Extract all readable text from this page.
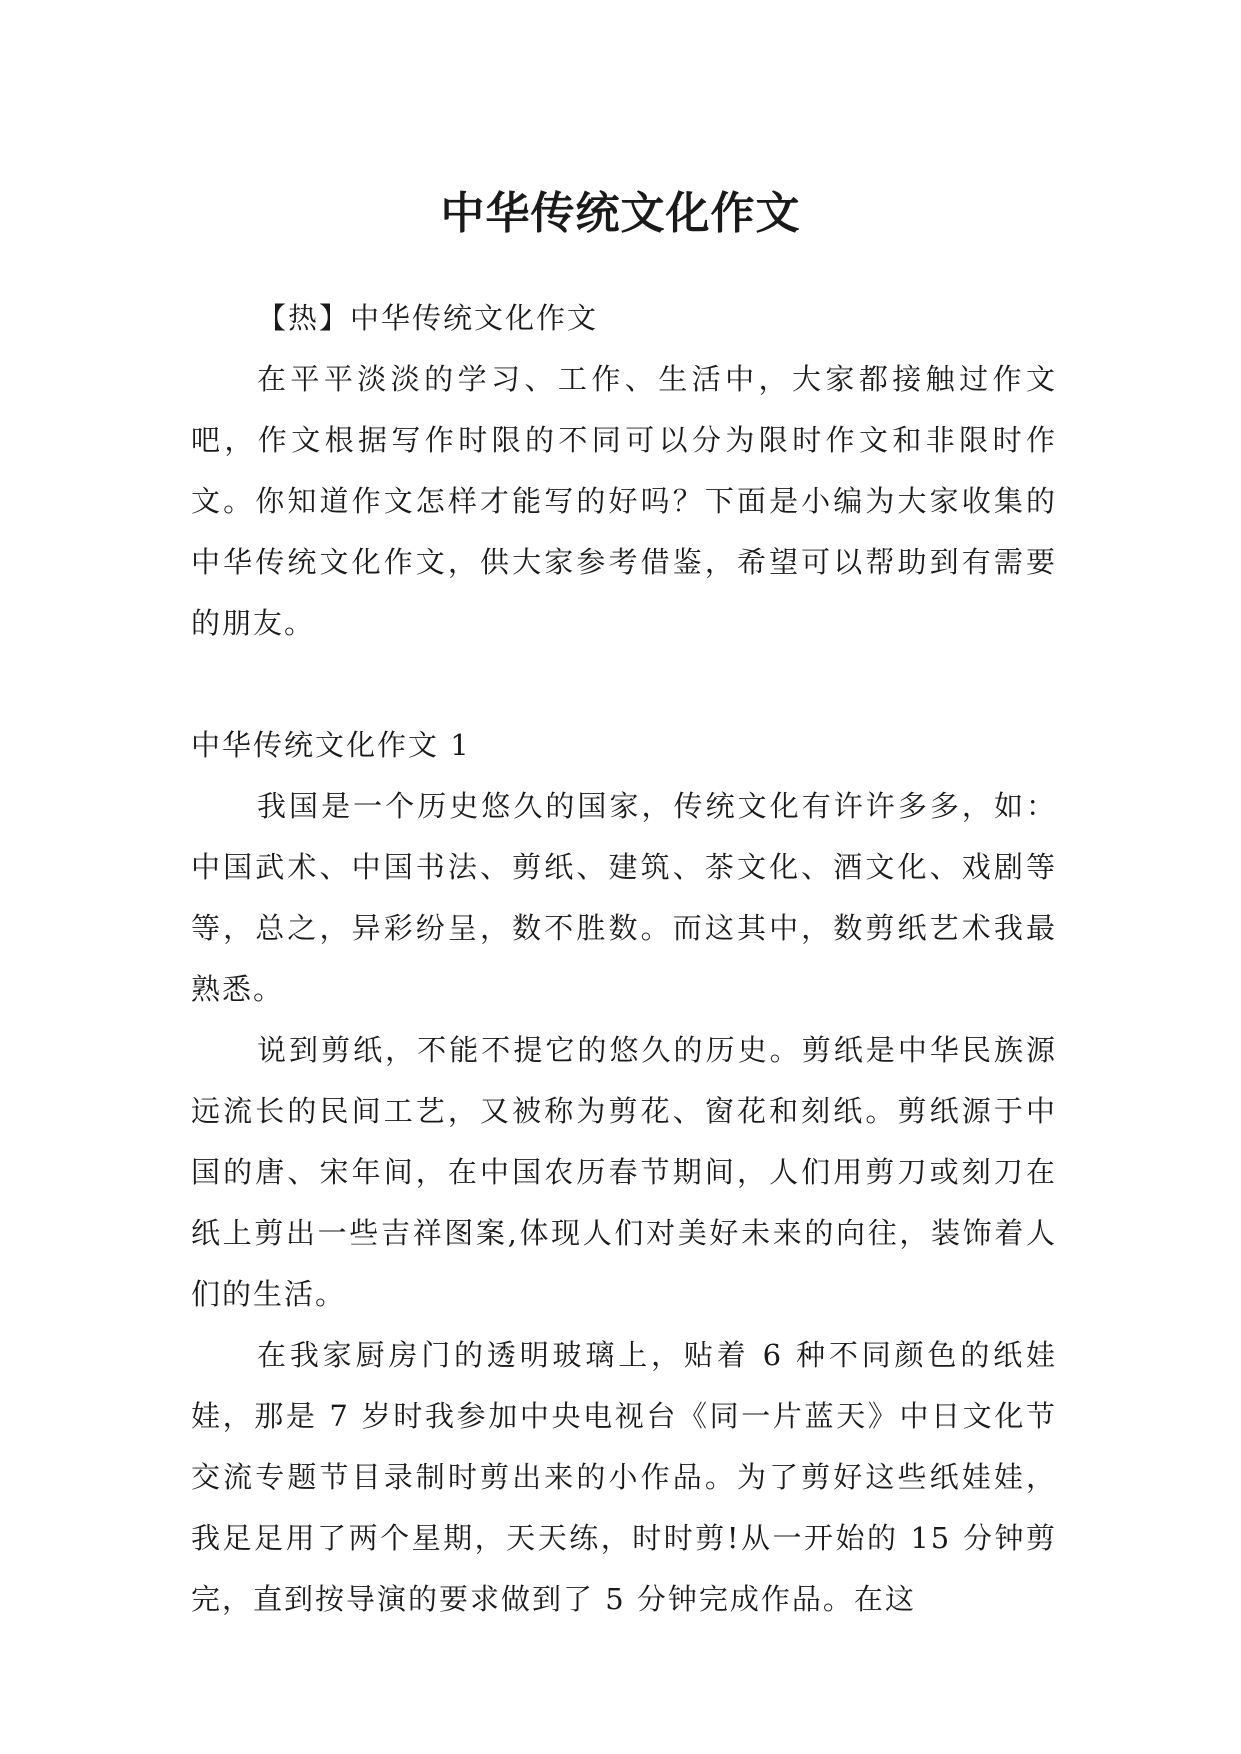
中华传统文化作文

【热】中华传统文化作文

在平平淡淡的学习、工作、生活中，大家都接触过作文吧，作文根据写作时限的不同可以分为限时作文和非限时作文。你知道作文怎样才能写的好吗？下面是小编为大家收集的中华传统文化作文，供大家参考借鉴，希望可以帮助到有需要的朋友。

中华传统文化作文 1

我国是一个历史悠久的国家，传统文化有许许多多，如：中国武术、中国书法、剪纸、建筑、茶文化、酒文化、戏剧等等，总之，异彩纷呈，数不胜数。而这其中，数剪纸艺术我最熟悉。

说到剪纸，不能不提它的悠久的历史。剪纸是中华民族源远流长的民间工艺，又被称为剪花、窗花和刻纸。剪纸源于中国的唐、宋年间，在中国农历春节期间，人们用剪刀或刻刀在纸上剪出一些吉祥图案,体现人们对美好未来的向往，装饰着人们的生活。

在我家厨房门的透明玻璃上，贴着 6 种不同颜色的纸娃娃，那是 7 岁时我参加中央电视台《同一片蓝天》中日文化节交流专题节目录制时剪出来的小作品。为了剪好这些纸娃娃，我足足用了两个星期，天天练，时时剪!从一开始的 15 分钟剪完，直到按导演的要求做到了 5 分钟完成作品。在这
